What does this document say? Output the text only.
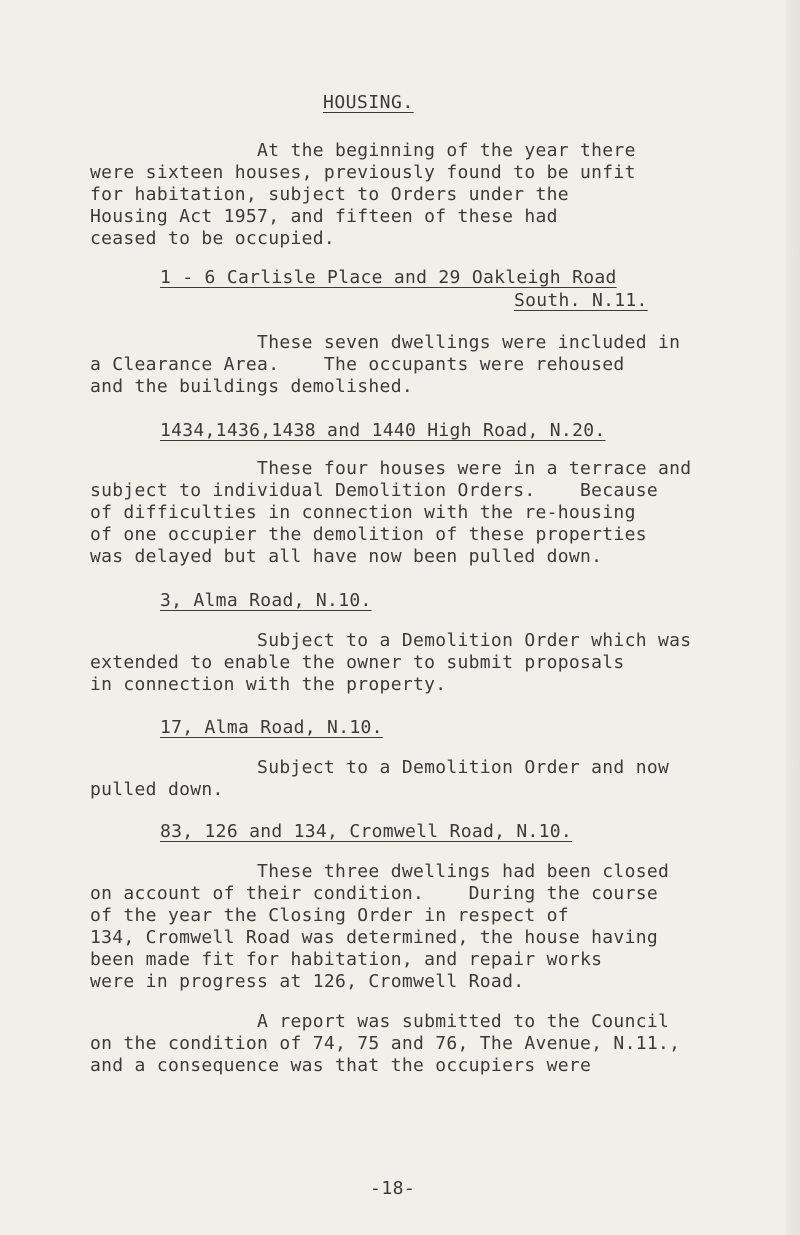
HOUSING.
At the beginning of the year there
were sixteen houses, previously found to be unfit
for habitation, subject to Orders under the
Housing Act 1957, and fifteen of these had
ceased to be occupied.
1 - 6 Carlisle Place and 29 Oakleigh Road
South. N.11.
These seven dwellings were included in
a Clearance Area.    The occupants were rehoused
and the buildings demolished.
1434,1436,1438 and 1440 High Road, N.20.
These four houses were in a terrace and
subject to individual Demolition Orders.    Because
of difficulties in connection with the re-housing
of one occupier the demolition of these properties
was delayed but all have now been pulled down.
3, Alma Road, N.10.
Subject to a Demolition Order which was
extended to enable the owner to submit proposals
in connection with the property.
17, Alma Road, N.10.
Subject to a Demolition Order and now
pulled down.
83, 126 and 134, Cromwell Road, N.10.
These three dwellings had been closed
on account of their condition.    During the course
of the year the Closing Order in respect of
134, Cromwell Road was determined, the house having
been made fit for habitation, and repair works
were in progress at 126, Cromwell Road.
A report was submitted to the Council
on the condition of 74, 75 and 76, The Avenue, N.11.,
and a consequence was that the occupiers were
-18-
